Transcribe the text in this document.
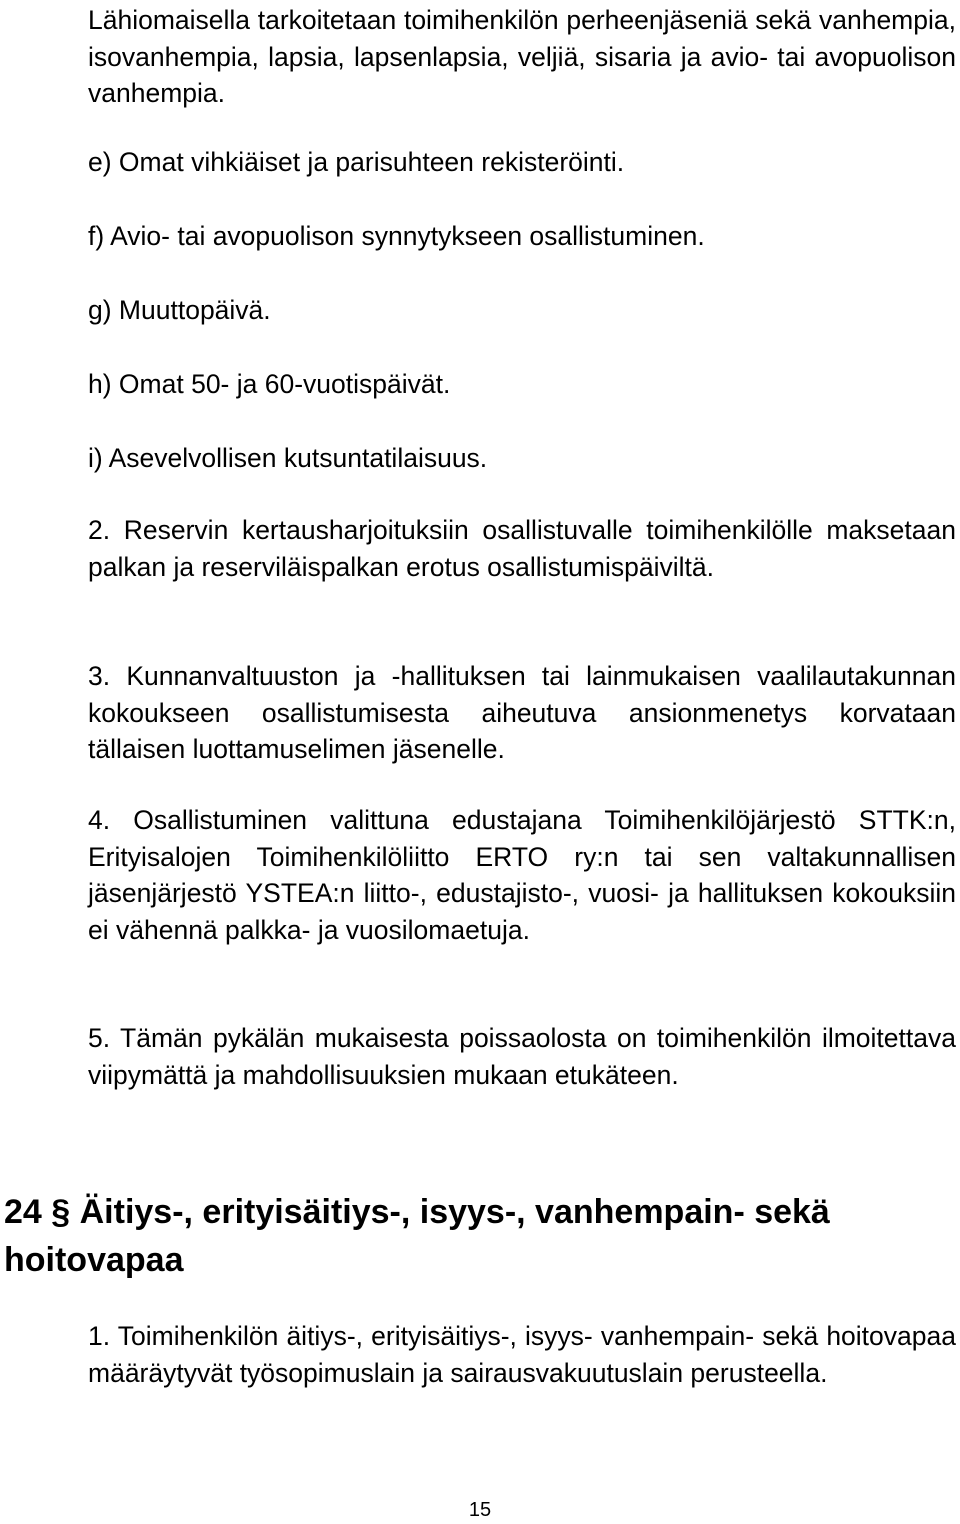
Lähiomaisella tarkoitetaan toimihenkilön perheenjäseniä sekä vanhempia, isovanhempia, lapsia, lapsenlapsia, veljiä, sisaria ja avio- tai avopuolison vanhempia.

e) Omat vihkiäiset ja parisuhteen rekisteröinti.

f) Avio- tai avopuolison synnytykseen osallistuminen.

g) Muuttopäivä.

h) Omat 50- ja 60-vuotispäivät.

i) Asevelvollisen kutsuntatilaisuus.

2. Reservin kertausharjoituksiin osallistuvalle toimihenkilölle maksetaan palkan ja reserviläispalkan erotus osallistumispäiviltä.

3. Kunnanvaltuuston ja -hallituksen tai lainmukaisen vaalilautakunnan kokoukseen osallistumisesta aiheutuva ansionmenetys korvataan tällaisen luottamuselimen jäsenelle.

4. Osallistuminen valittuna edustajana Toimihenkilöjärjestö STTK:n, Erityisalojen Toimihenkilöliitto ERTO ry:n tai sen valtakunnallisen jäsenjärjestö YSTEA:n liitto-, edustajisto-, vuosi- ja hallituksen kokouksiin ei vähennä palkka- ja vuosilomaetuja.

5. Tämän pykälän mukaisesta poissaolosta on toimihenkilön ilmoitettava viipymättä ja mahdollisuuksien mukaan etukäteen.

24 § Äitiys-, erityisäitiys-, isyys-, vanhempain- sekä hoitovapaa

1. Toimihenkilön äitiys-, erityisäitiys-, isyys- vanhempain- sekä hoitovapaa määräytyvät työsopimuslain ja sairausvakuutuslain perusteella.

15
